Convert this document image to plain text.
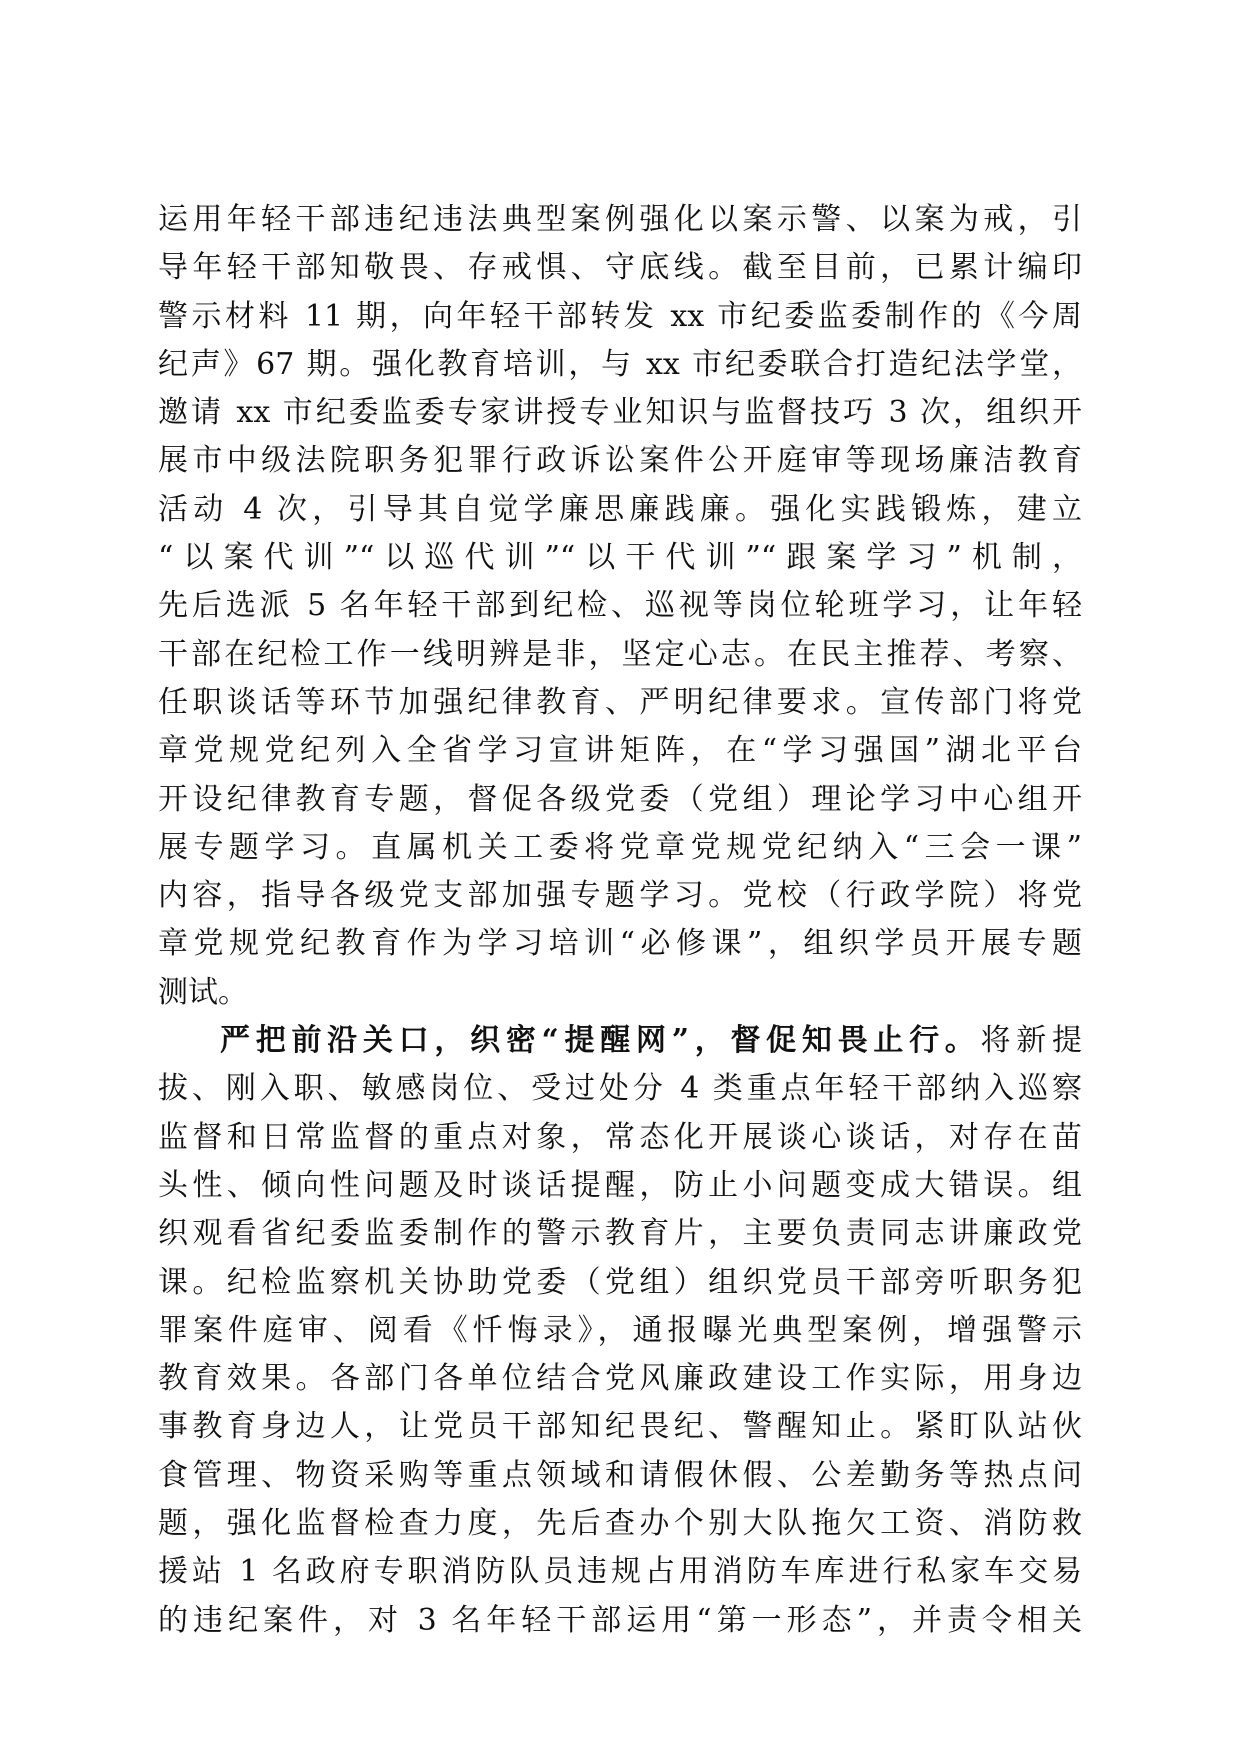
运用年轻干部违纪违法典型案例强化以案示警、以案为戒，引
导年轻干部知敬畏、存戒惧、守底线。截至目前，已累计编印
警示材料 11 期，向年轻干部转发 xx 市纪委监委制作的《今周
纪声》67 期。强化教育培训，与 xx 市纪委联合打造纪法学堂，
邀请 xx 市纪委监委专家讲授专业知识与监督技巧 3 次，组织开
展市中级法院职务犯罪行政诉讼案件公开庭审等现场廉洁教育
活动 4 次，引导其自觉学廉思廉践廉。强化实践锻炼，建立
“以案代训”“以巡代训”“以干代训”“跟案学习”机制，
先后选派 5 名年轻干部到纪检、巡视等岗位轮班学习，让年轻
干部在纪检工作一线明辨是非，坚定心志。在民主推荐、考察、
任职谈话等环节加强纪律教育、严明纪律要求。宣传部门将党
章党规党纪列入全省学习宣讲矩阵，在“学习强国”湖北平台
开设纪律教育专题，督促各级党委（党组）理论学习中心组开
展专题学习。直属机关工委将党章党规党纪纳入“三会一课”
内容，指导各级党支部加强专题学习。党校（行政学院）将党
章党规党纪教育作为学习培训“必修课”，组织学员开展专题
测试。
严把前沿关口，织密“提醒网”，督促知畏止行。将新提
拔、刚入职、敏感岗位、受过处分 4 类重点年轻干部纳入巡察
监督和日常监督的重点对象，常态化开展谈心谈话，对存在苗
头性、倾向性问题及时谈话提醒，防止小问题变成大错误。组
织观看省纪委监委制作的警示教育片，主要负责同志讲廉政党
课。纪检监察机关协助党委（党组）组织党员干部旁听职务犯
罪案件庭审、阅看《忏悔录》，通报曝光典型案例，增强警示
教育效果。各部门各单位结合党风廉政建设工作实际，用身边
事教育身边人，让党员干部知纪畏纪、警醒知止。紧盯队站伙
食管理、物资采购等重点领域和请假休假、公差勤务等热点问
题，强化监督检查力度，先后查办个别大队拖欠工资、消防救
援站 1 名政府专职消防队员违规占用消防车库进行私家车交易
的违纪案件，对 3 名年轻干部运用“第一形态”，并责令相关
